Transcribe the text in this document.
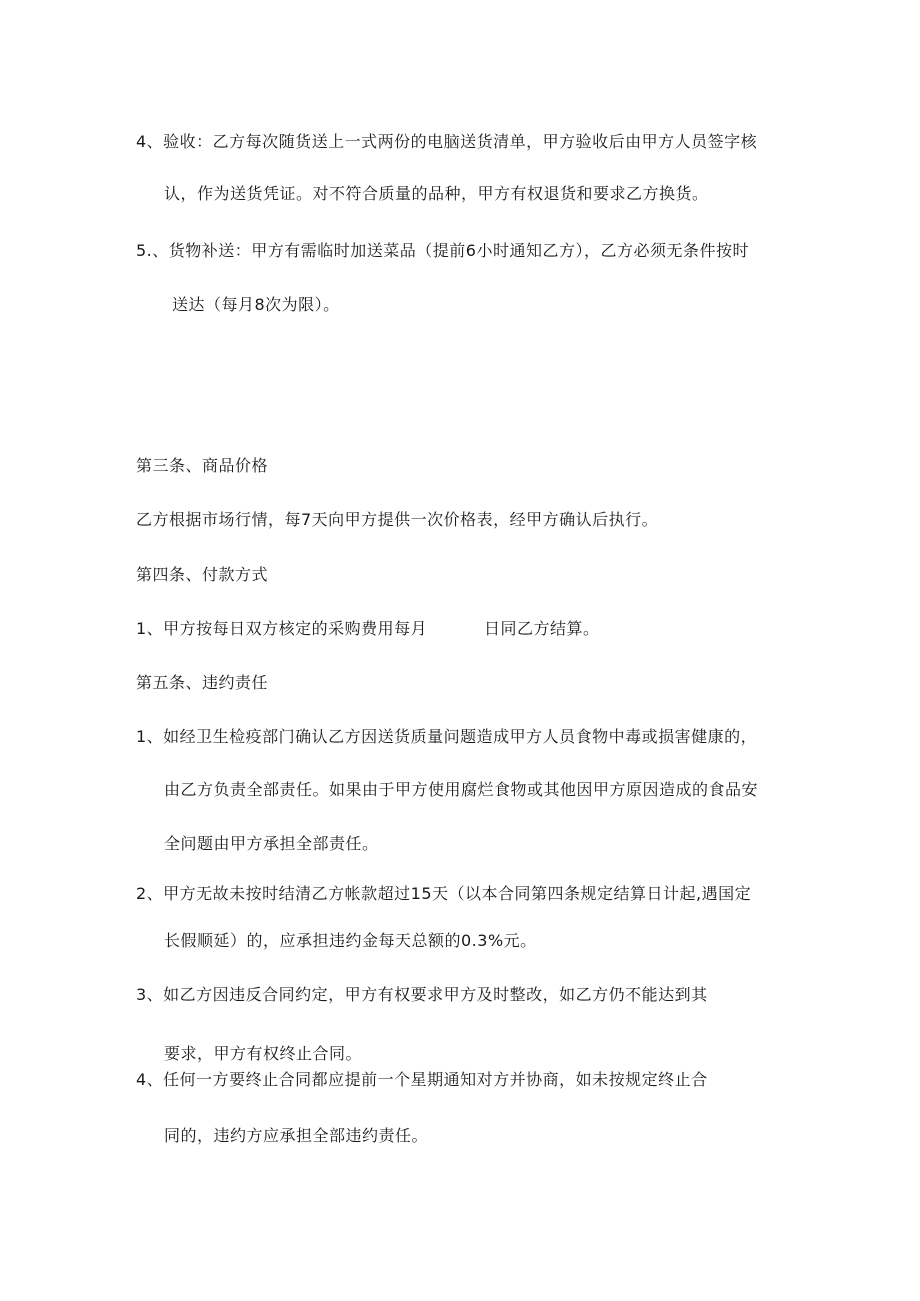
4、验收：乙方每次随货送上一式两份的电脑送货清单，甲方验收后由甲方人员签字核
认，作为送货凭证。对不符合质量的品种，甲方有权退货和要求乙方换货。
5.、货物补送：甲方有需临时加送菜品（提前6小时通知乙方），乙方必须无条件按时
送达（每月8次为限）。
第三条、商品价格
乙方根据市场行情，每7天向甲方提供一次价格表，经甲方确认后执行。
第四条、付款方式
1、甲方按每日双方核定的采购费用每月	日同乙方结算。
第五条、违约责任
1、如经卫生检疫部门确认乙方因送货质量问题造成甲方人员食物中毒或损害健康的，
由乙方负责全部责任。如果由于甲方使用腐烂食物或其他因甲方原因造成的食品安
全问题由甲方承担全部责任。
2、甲方无故未按时结清乙方帐款超过15天（以本合同第四条规定结算日计起,遇国定
长假顺延）的，应承担违约金每天总额的0.3%元。
3、如乙方因违反合同约定，甲方有权要求甲方及时整改，如乙方仍不能达到其
要求，甲方有权终止合同。
4、任何一方要终止合同都应提前一个星期通知对方并协商，如未按规定终止合
同的，违约方应承担全部违约责任。
